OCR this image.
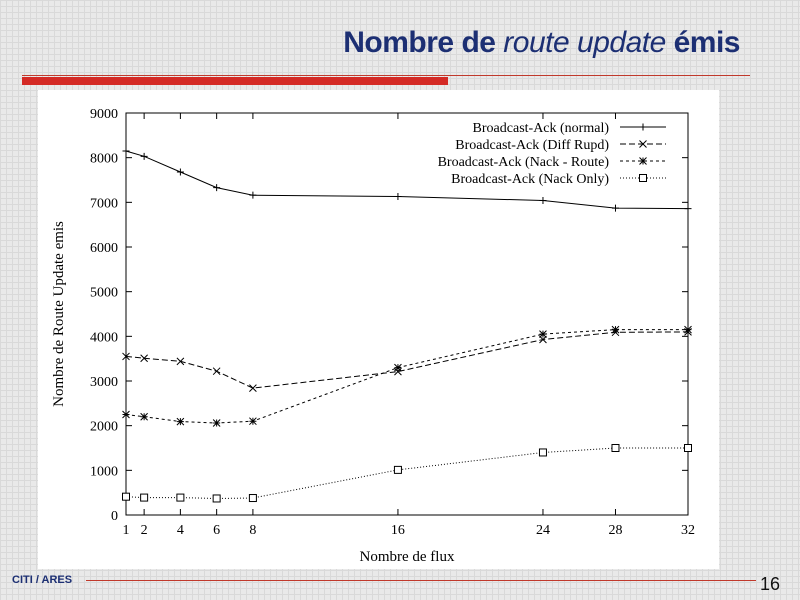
Nombre de route update émis
0
1000
2000
3000
4000
5000
6000
7000
8000
9000
1 2 4 6 8	16	24	28	32
Broadcast-Ack (normal)
Broadcast-Ack (Diff Rupd)
Broadcast-Ack (Nack - Route)
Broadcast-Ack (Nack Only)
Nombre de flux
Nombre de Route Update emis
CITI / ARES	16
